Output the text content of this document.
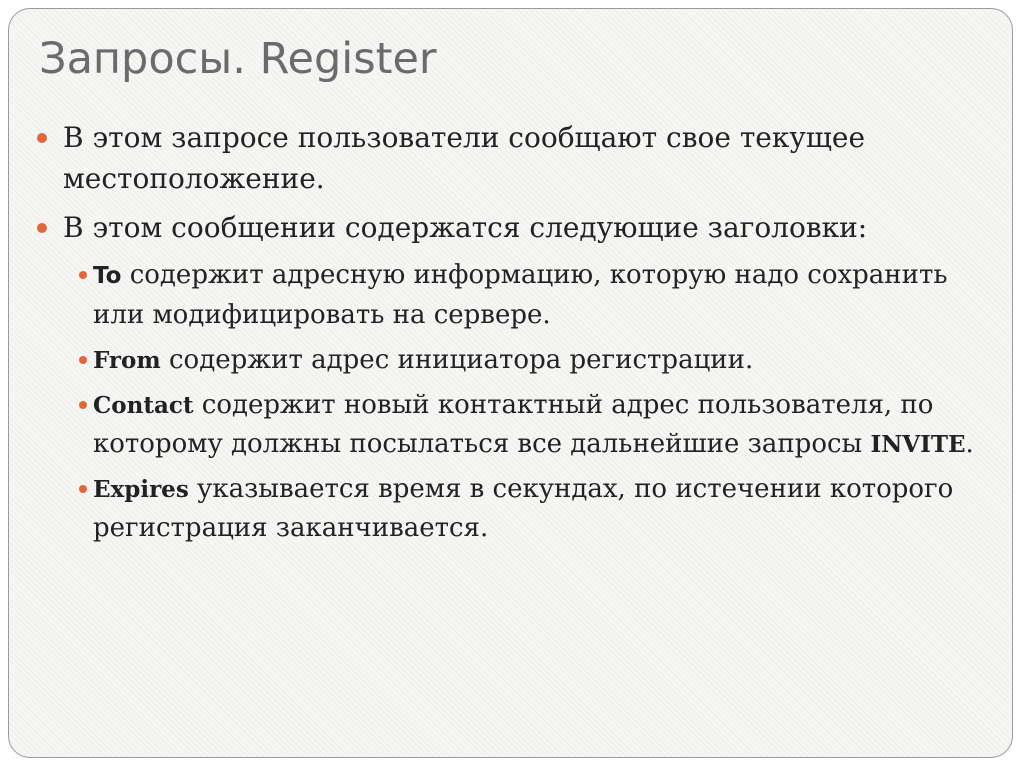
Запросы. Register
В этом запросе пользователи сообщают свое текущее местоположение.
В этом сообщении содержатся следующие заголовки:
To содержит адресную информацию, которую надо сохранить или модифицировать на сервере.
From содержит адрес инициатора регистрации.
Contact содержит новый контактный адрес пользователя, по которому должны посылаться все дальнейшие запросы INVITE.
Expires указывается время в секундах, по истечении которого регистрация заканчивается.
